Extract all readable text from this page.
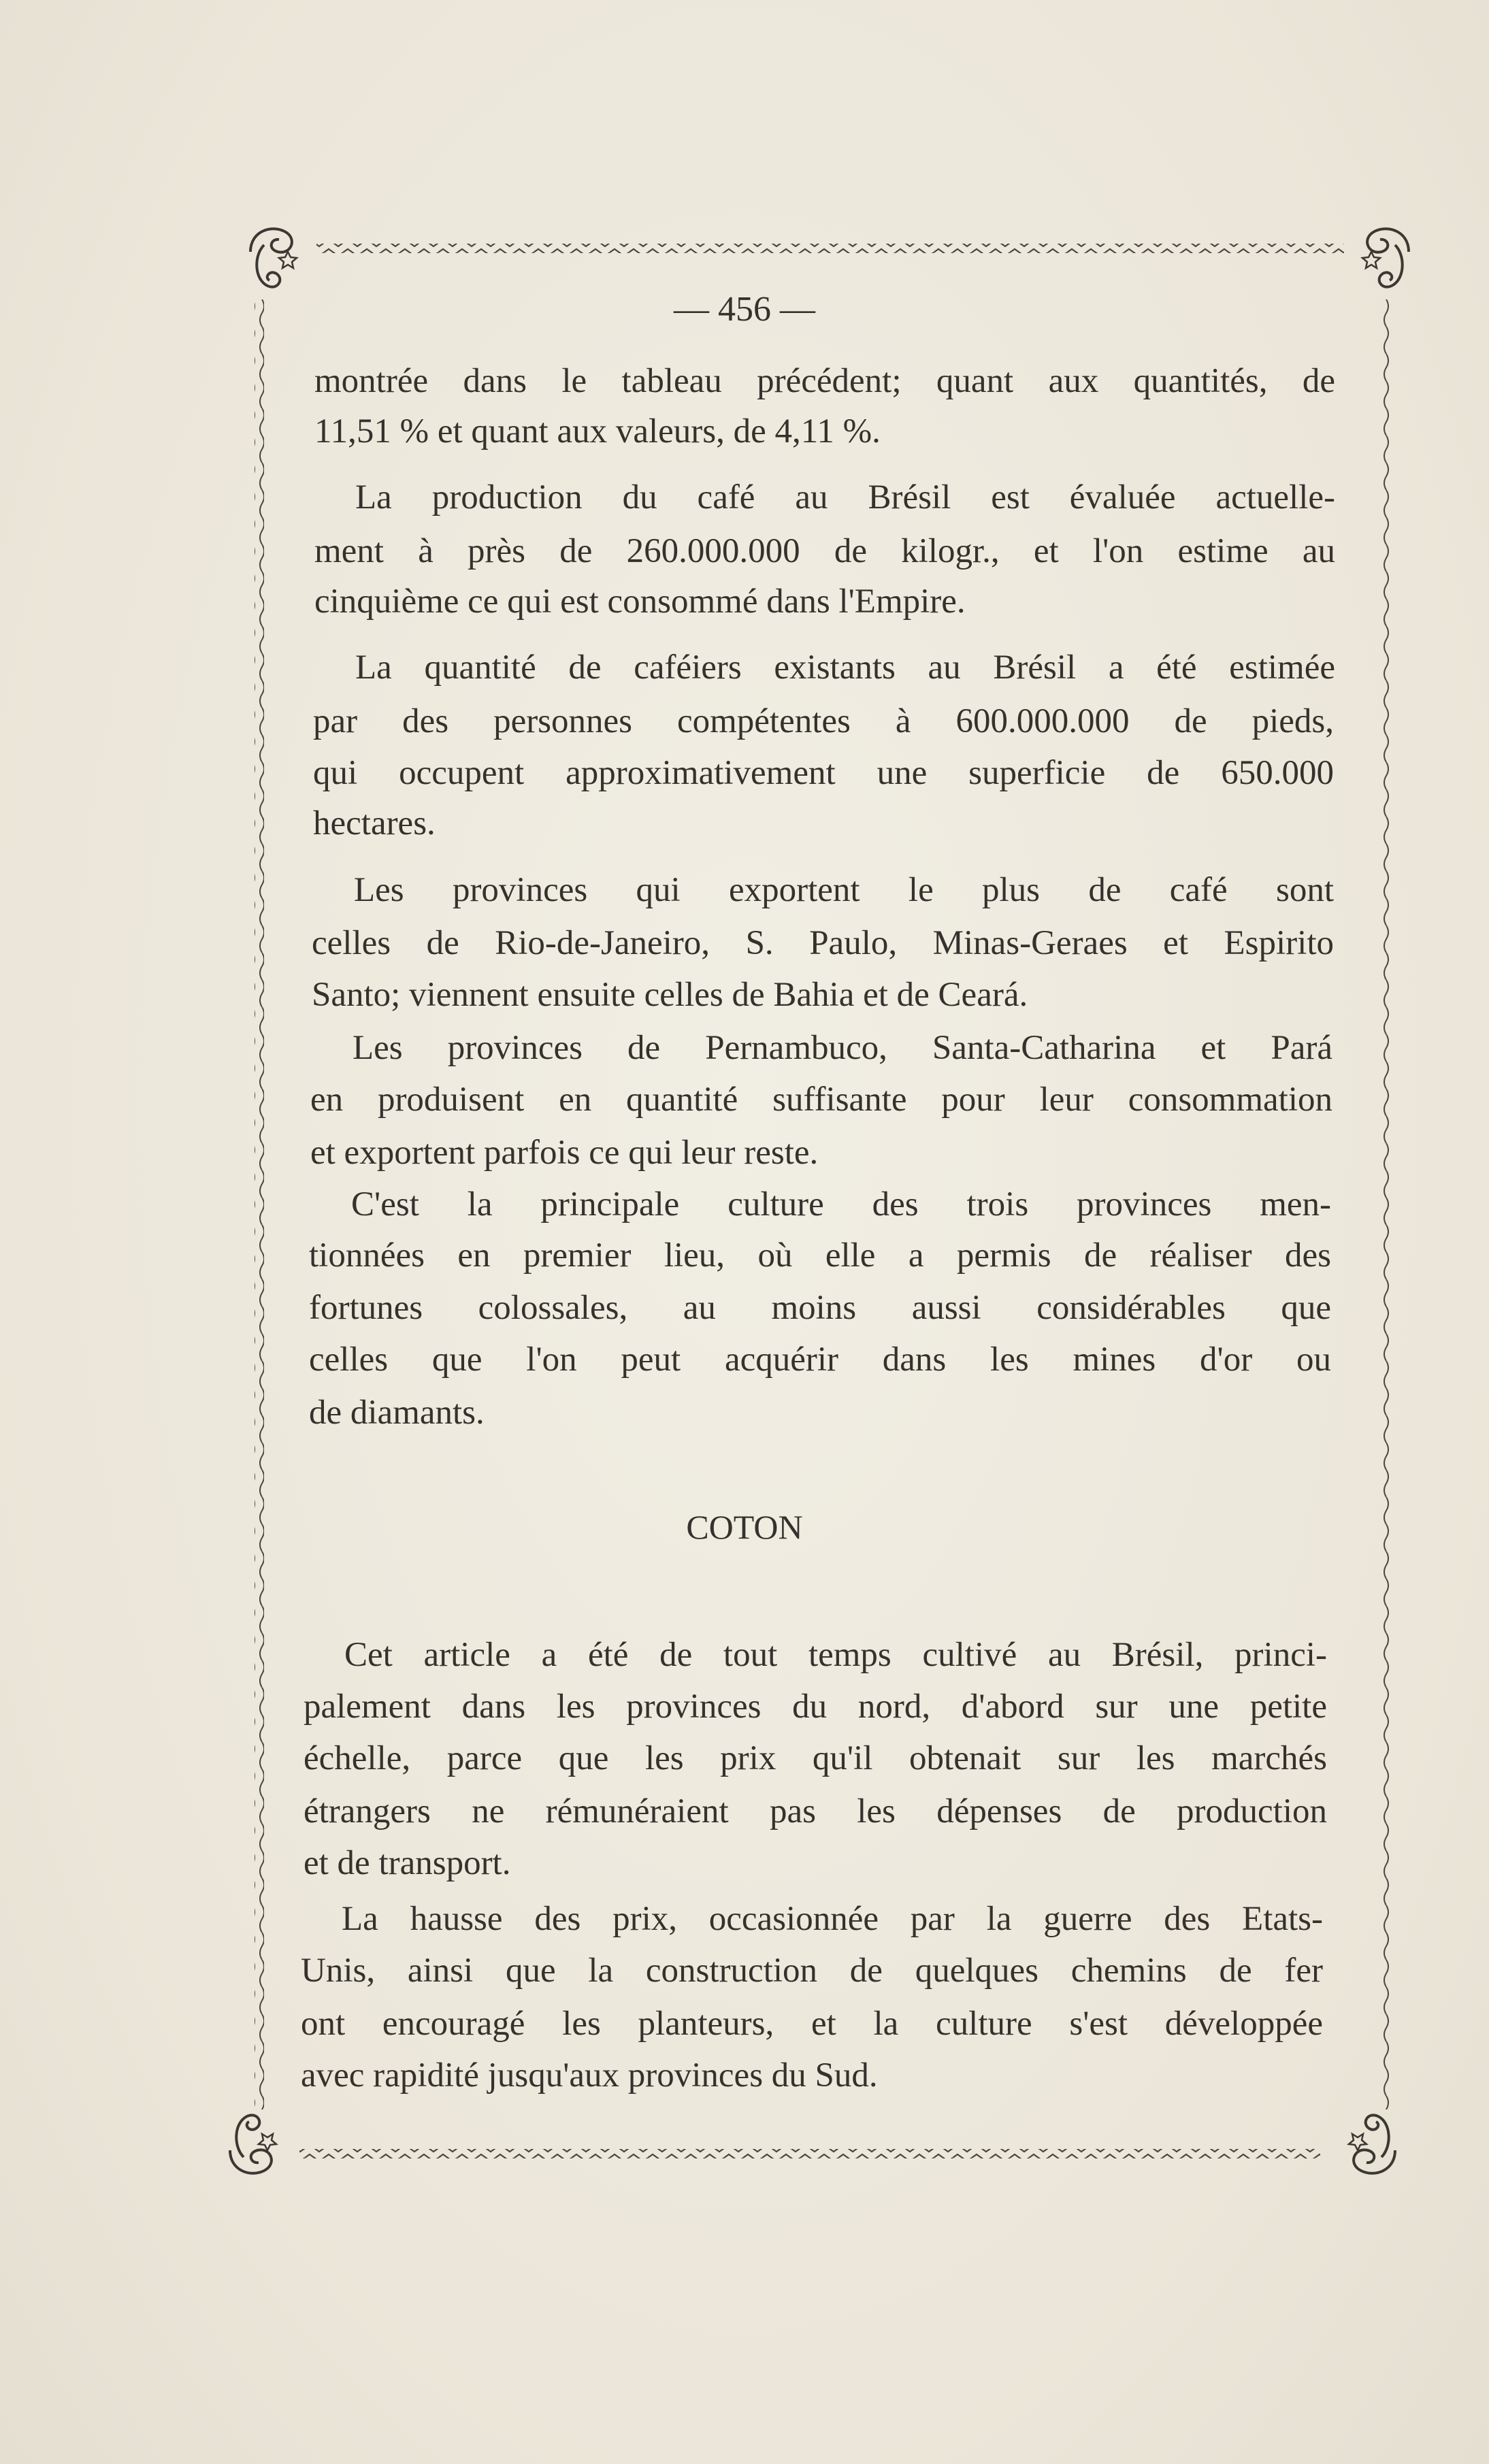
— 456 —
montrée dans le tableau précédent; quant aux quantités, de
11,51 % et quant aux valeurs, de 4,11 %.
La production du café au Brésil est évaluée actuelle-
ment à près de 260.000.000 de kilogr., et l'on estime au
cinquième ce qui est consommé dans l'Empire.
La quantité de caféiers existants au Brésil a été estimée
par des personnes compétentes à 600.000.000 de pieds,
qui occupent approximativement une superficie de 650.000
hectares.
Les provinces qui exportent le plus de café sont
celles de Rio-de-Janeiro, S. Paulo, Minas-Geraes et Espirito
Santo; viennent ensuite celles de Bahia et de Ceará.
Les provinces de Pernambuco, Santa-Catharina et Pará
en produisent en quantité suffisante pour leur consommation
et exportent parfois ce qui leur reste.
C'est la principale culture des trois provinces men-
tionnées en premier lieu, où elle a permis de réaliser des
fortunes colossales, au moins aussi considérables que
celles que l'on peut acquérir dans les mines d'or ou
de diamants.
COTON
Cet article a été de tout temps cultivé au Brésil, princi-
palement dans les provinces du nord, d'abord sur une petite
échelle, parce que les prix qu'il obtenait sur les marchés
étrangers ne rémunéraient pas les dépenses de production
et de transport.
La hausse des prix, occasionnée par la guerre des Etats-
Unis, ainsi que la construction de quelques chemins de fer
ont encouragé les planteurs, et la culture s'est développée
avec rapidité jusqu'aux provinces du Sud.
